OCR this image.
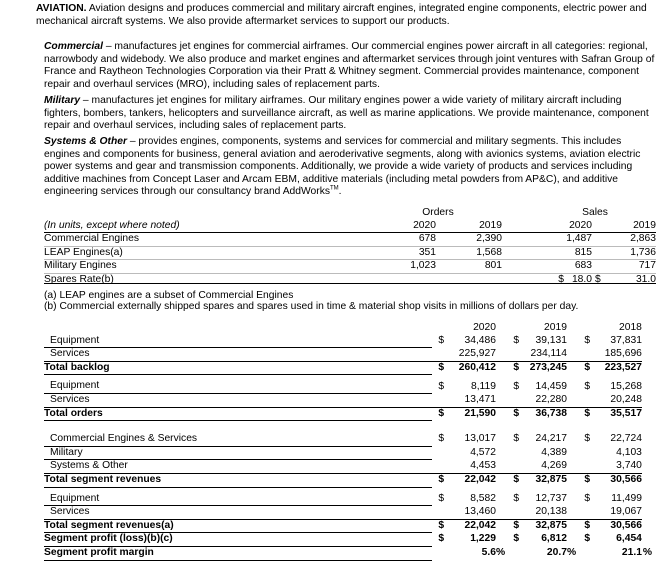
AVIATION. Aviation designs and produces commercial and military aircraft engines, integrated engine components, electric power and mechanical aircraft systems. We also provide aftermarket services to support our products.

Commercial – manufactures jet engines for commercial airframes. Our commercial engines power aircraft in all categories: regional, narrowbody and widebody. We also produce and market engines and aftermarket services through joint ventures with Safran Group of France and Raytheon Technologies Corporation via their Pratt & Whitney segment. Commercial provides maintenance, component repair and overhaul services (MRO), including sales of replacement parts.

Military – manufactures jet engines for military airframes. Our military engines power a wide variety of military aircraft including fighters, bombers, tankers, helicopters and surveillance aircraft, as well as marine applications. We provide maintenance, component repair and overhaul services, including sales of replacement parts.

Systems & Other – provides engines, components, systems and services for commercial and military segments. This includes engines and components for business, general aviation and aeroderivative segments, along with avionics systems, aviation electric power systems and gear and transmission components. Additionally, we provide a wide variety of products and services including additive machines from Concept Laser and Arcam EBM, additive materials (including metal powders from AP&C), and additive engineering services through our consultancy brand AddWorks™.

	Orders			Sales		
(In units, except where noted)	2020	2019			2020	2019
Commercial Engines	678	2,390			1,487	2,863
LEAP Engines(a)	351	1,568			815	1,736
Military Engines	1,023	801			683	717
Spares Rate(b)				$	18.0	$ 31.0

(a) LEAP engines are a subset of Commercial Engines

(b) Commercial externally shipped spares and spares used in time & material shop visits in millions of dollars per day.

		2020			2019			2018	
Equipment	$	34,486		$	39,131		$	37,831	
Services		225,927			234,114			185,696	
Total backlog	$	260,412		$	273,245		$	223,527	

Equipment	$	8,119		$	14,459		$	15,268	
Services		13,471			22,280			20,248	
Total orders	$	21,590		$	36,738		$	35,517	

Commercial Engines & Services	$	13,017		$	24,217		$	22,724	
Military		4,572			4,389			4,103	
Systems & Other		4,453			4,269			3,740	
Total segment revenues	$	22,042		$	32,875		$	30,566	

Equipment	$	8,582		$	12,737		$	11,499	
Services		13,460			20,138			19,067	
Total segment revenues(a)	$	22,042		$	32,875		$	30,566	
Segment profit (loss)(b)(c)	$	1,229		$	6,812		$	6,454	
Segment profit margin		5.6	%		20.7	%		21.1	%
